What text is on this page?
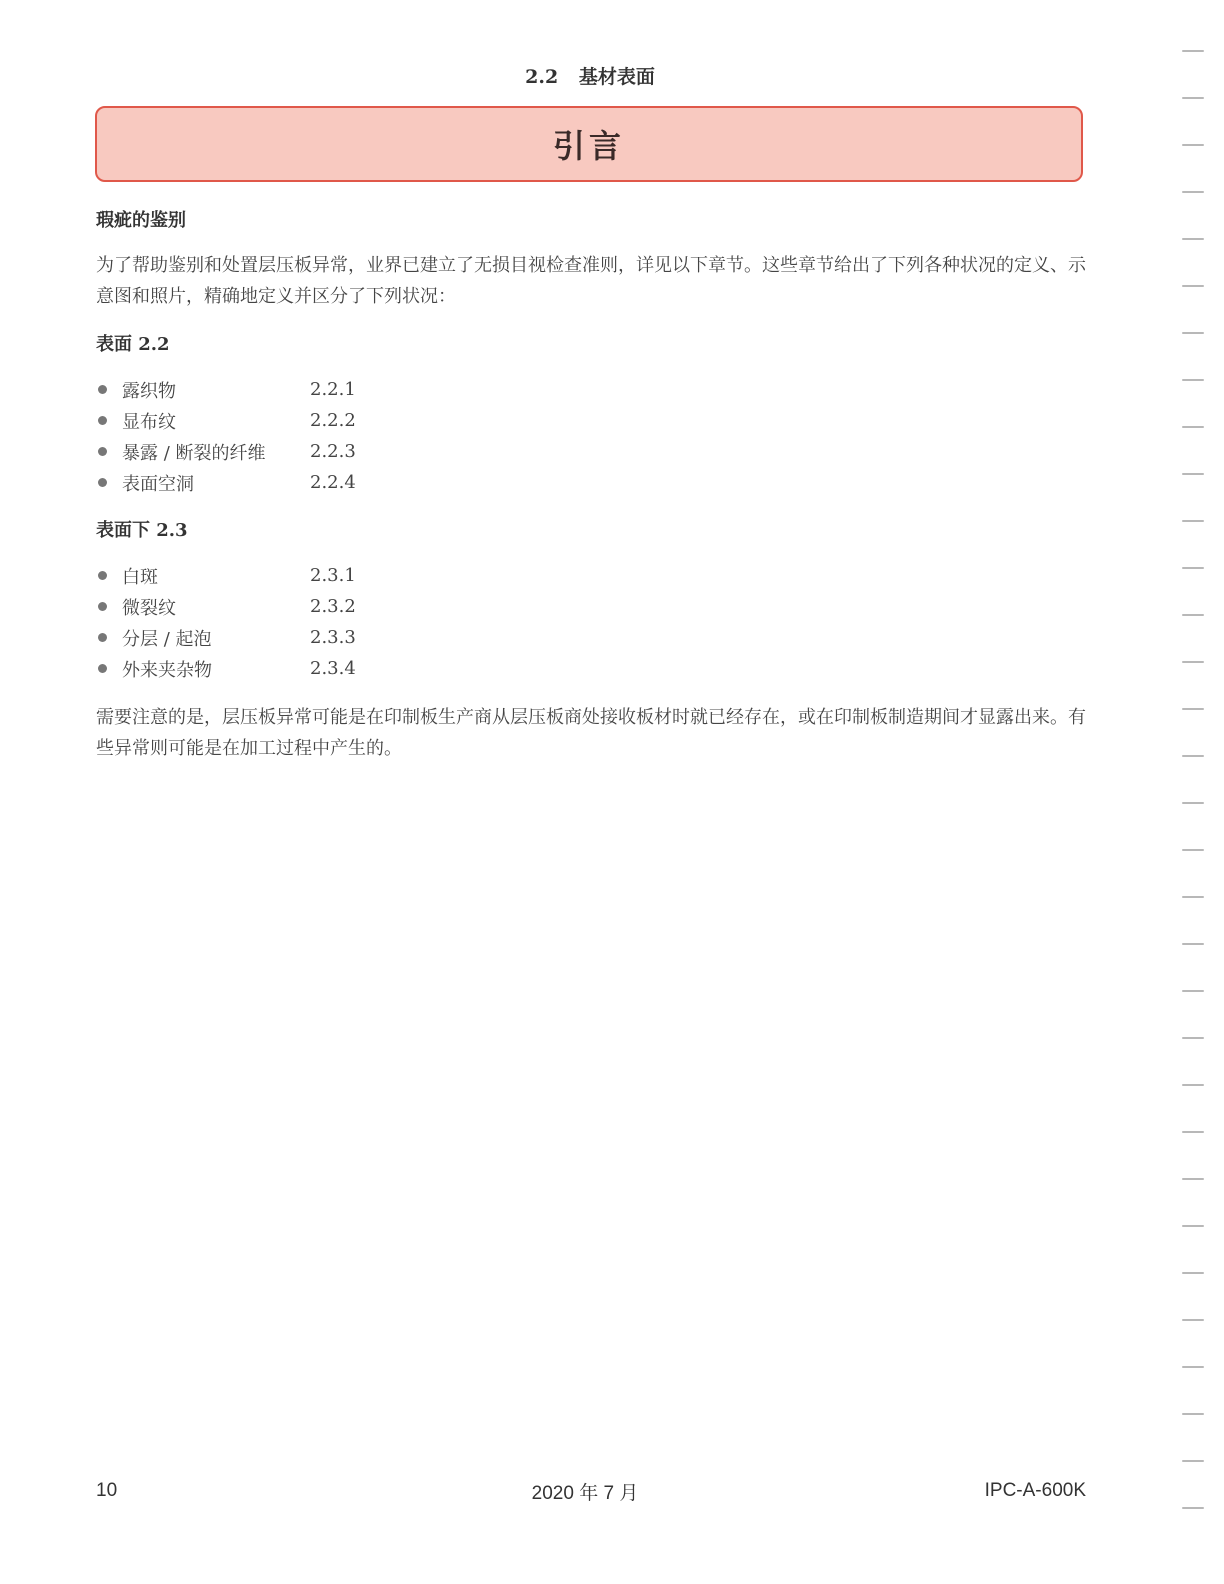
2.2 基材表面
引言
瑕疵的鉴别

为了帮助鉴别和处置层压板异常，业界已建立了无损目视检查准则，详见以下章节。这些章节给出了下列各种状况的定义、示意图和照片，精确地定义并区分了下列状况：

表面 2.2
露织物	2.2.1
显布纹	2.2.2
暴露 / 断裂的纤维	2.2.3
表面空洞	2.2.4
表面下 2.3
白斑	2.3.1
微裂纹	2.3.2
分层 / 起泡	2.3.3
外来夹杂物	2.3.4

需要注意的是，层压板异常可能是在印制板生产商从层压板商处接收板材时就已经存在，或在印制板制造期间才显露出来。有些异常则可能是在加工过程中产生的。

10	2020 年 7 月	IPC-A-600K
